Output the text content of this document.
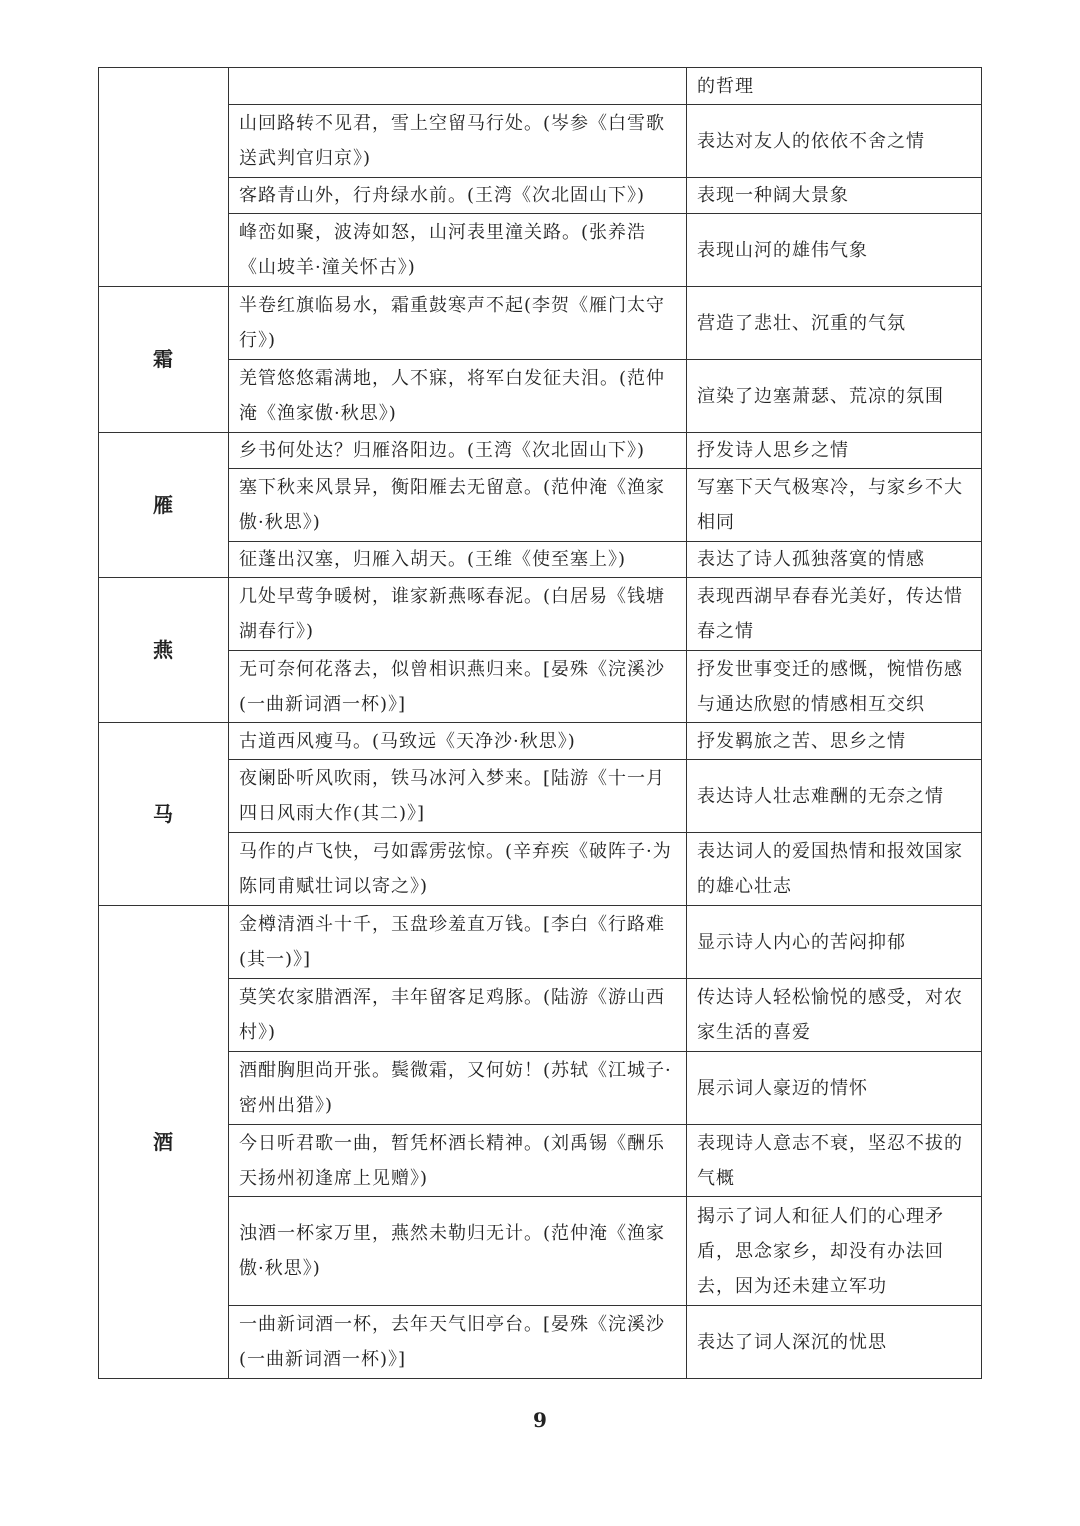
		的哲理
	山回路转不见君，雪上空留马行处。(岑参《白雪歌送武判官归京》)	表达对友人的依依不舍之情
	客路青山外，行舟绿水前。(王湾《次北固山下》)	表现一种阔大景象
	峰峦如聚，波涛如怒，山河表里潼关路。(张养浩《山坡羊·潼关怀古》)	表现山河的雄伟气象
霜	半卷红旗临易水，霜重鼓寒声不起(李贺《雁门太守行》)	营造了悲壮、沉重的气氛
	羌管悠悠霜满地，人不寐，将军白发征夫泪。(范仲淹《渔家傲·秋思》)	渲染了边塞萧瑟、荒凉的氛围
雁	乡书何处达？归雁洛阳边。(王湾《次北固山下》)	抒发诗人思乡之情
	塞下秋来风景异，衡阳雁去无留意。(范仲淹《渔家傲·秋思》)	写塞下天气极寒冷，与家乡不大相同
	征蓬出汉塞，归雁入胡天。(王维《使至塞上》)	表达了诗人孤独落寞的情感
燕	几处早莺争暖树，谁家新燕啄春泥。(白居易《钱塘湖春行》)	表现西湖早春春光美好，传达惜春之情
	无可奈何花落去，似曾相识燕归来。[晏殊《浣溪沙(一曲新词酒一杯)》]	抒发世事变迁的感慨，惋惜伤感与通达欣慰的情感相互交织
马	古道西风瘦马。(马致远《天净沙·秋思》)	抒发羁旅之苦、思乡之情
	夜阑卧听风吹雨，铁马冰河入梦来。[陆游《十一月四日风雨大作(其二)》]	表达诗人壮志难酬的无奈之情
	马作的卢飞快，弓如霹雳弦惊。(辛弃疾《破阵子·为陈同甫赋壮词以寄之》)	表达词人的爱国热情和报效国家的雄心壮志
酒	金樽清酒斗十千，玉盘珍羞直万钱。[李白《行路难(其一)》]	显示诗人内心的苦闷抑郁
	莫笑农家腊酒浑，丰年留客足鸡豚。(陆游《游山西村》)	传达诗人轻松愉悦的感受，对农家生活的喜爱
	酒酣胸胆尚开张。鬓微霜，又何妨！(苏轼《江城子·密州出猎》)	展示词人豪迈的情怀
	今日听君歌一曲，暂凭杯酒长精神。(刘禹锡《酬乐天扬州初逢席上见赠》)	表现诗人意志不衰，坚忍不拔的气概
	浊酒一杯家万里，燕然未勒归无计。(范仲淹《渔家傲·秋思》)	揭示了词人和征人们的心理矛盾，思念家乡，却没有办法回去，因为还未建立军功
	一曲新词酒一杯，去年天气旧亭台。[晏殊《浣溪沙(一曲新词酒一杯)》]	表达了词人深沉的忧思
9
